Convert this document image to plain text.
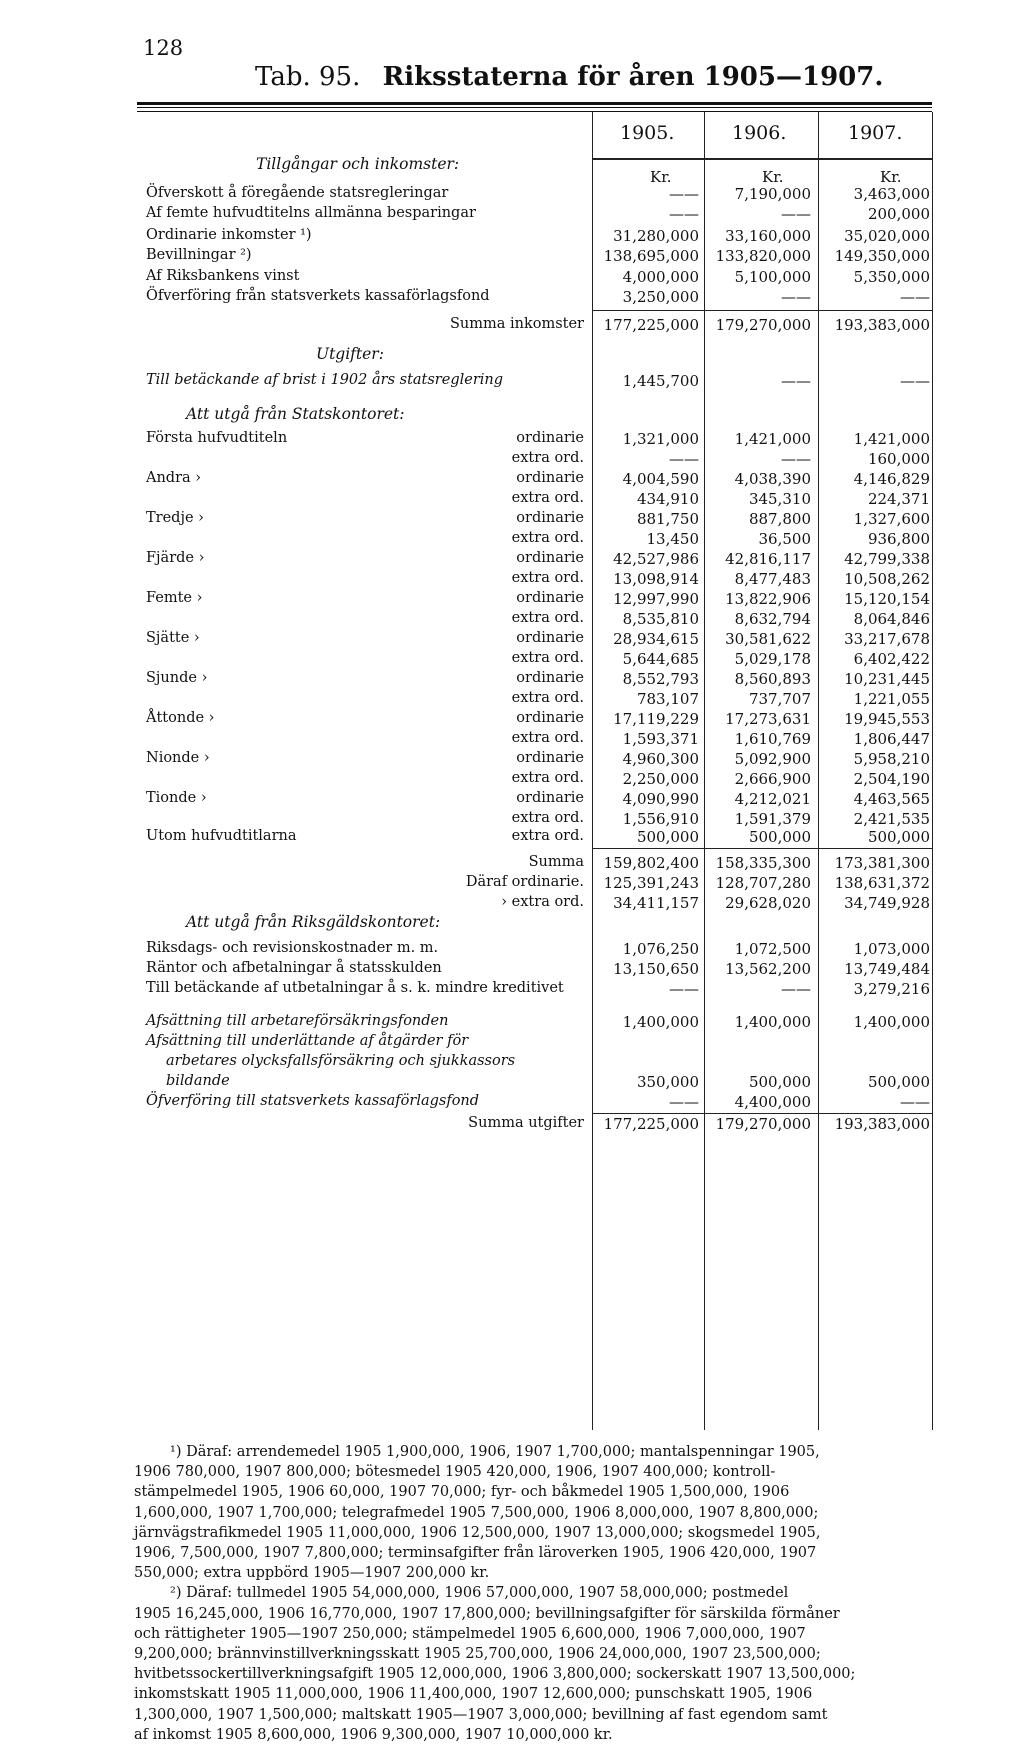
128
Tab. 95. Riksstaterna för åren 1905—1907.
1905.	1906.	1907.
Kr.	Kr.	Kr.
Tillgångar och inkomster:
Öfverskott å föregående statsregleringar	—— 7,190,000	3,463,000
Af femte hufvudtitelns allmänna besparingar	——	——	200,000
Ordinarie inkomster ¹)	31,280,000 33,160,000 35,020,000
Bevillningar ²)	138,695,000 133,820,000 149,350,000
Af Riksbankens vinst	4,000,000 5,100,000	5,350,000
Öfverföring från statsverkets kassaförlagsfond	3,250,000	——	——
Summa inkomster 177,225,000 179,270,000 193,383,000
Utgifter:
Till betäckande af brist i 1902 års statsreglering	1,445,700	——	——
Att utgå från Statskontoret:
Första hufvudtiteln	ordinarie	1,321,000 1,421,000	1,421,000
extra ord.	——	——	160,000
Andra ›	ordinarie	4,004,590 4,038,390	4,146,829
extra ord.	434,910	345,310	224,371
Tredje ›	ordinarie	881,750	887,800	1,327,600
extra ord.	13,450	36,500	936,800
Fjärde ›	ordinarie 42,527,986 42,816,117 42,799,338
extra ord. 13,098,914 8,477,483 10,508,262
Femte ›	ordinarie 12,997,990 13,822,906 15,120,154
extra ord.	8,535,810 8,632,794	8,064,846
Sjätte ›	ordinarie 28,934,615 30,581,622 33,217,678
extra ord.	5,644,685 5,029,178	6,402,422
Sjunde ›	ordinarie	8,552,793 8,560,893 10,231,445
extra ord.	783,107	737,707	1,221,055
Åttonde ›	ordinarie 17,119,229 17,273,631 19,945,553
extra ord.	1,593,371 1,610,769	1,806,447
Nionde ›	ordinarie	4,960,300 5,092,900	5,958,210
extra ord.	2,250,000 2,666,900	2,504,190
Tionde ›	ordinarie	4,090,990 4,212,021	4,463,565
extra ord.	1,556,910 1,591,379	2,421,535
Utom hufvudtitlarna	extra ord.	500,000	500,000	500,000
Summa 159,802,400 158,335,300 173,381,300
Däraf ordinarie. 125,391,243 128,707,280 138,631,372
› extra ord. 34,411,157 29,628,020 34,749,928
Att utgå från Riksgäldskontoret:
Riksdags- och revisionskostnader m. m.	1,076,250 1,072,500	1,073,000
Räntor och afbetalningar å statsskulden	13,150,650 13,562,200 13,749,484
Till betäckande af utbetalningar å s. k. mindre kreditivet	——	——	3,279,216
Afsättning till arbetareförsäkringsfonden	1,400,000 1,400,000	1,400,000
Afsättning till underlättande af åtgärder för
arbetares olycksfallsförsäkring och sjukkassors
bildande	350,000	500,000	500,000
Öfverföring till statsverkets kassaförlagsfond	—— 4,400,000	——
Summa utgifter 177,225,000 179,270,000 193,383,000
¹) Däraf: arrendemedel 1905 1,900,000, 1906, 1907 1,700,000; mantalspenningar 1905,
1906 780,000, 1907 800,000; bötesmedel 1905 420,000, 1906, 1907 400,000; kontroll-
stämpelmedel 1905, 1906 60,000, 1907 70,000; fyr- och båkmedel 1905 1,500,000, 1906
1,600,000, 1907 1,700,000; telegrafmedel 1905 7,500,000, 1906 8,000,000, 1907 8,800,000;
järnvägstrafikmedel 1905 11,000,000, 1906 12,500,000, 1907 13,000,000; skogsmedel 1905,
1906, 7,500,000, 1907 7,800,000; terminsafgifter från läroverken 1905, 1906 420,000, 1907
550,000; extra uppbörd 1905—1907 200,000 kr.
²) Däraf: tullmedel 1905 54,000,000, 1906 57,000,000, 1907 58,000,000; postmedel
1905 16,245,000, 1906 16,770,000, 1907 17,800,000; bevillningsafgifter för särskilda förmåner
och rättigheter 1905—1907 250,000; stämpelmedel 1905 6,600,000, 1906 7,000,000, 1907
9,200,000; brännvinstillverkningsskatt 1905 25,700,000, 1906 24,000,000, 1907 23,500,000;
hvitbetssockertillverkningsafgift 1905 12,000,000, 1906 3,800,000; sockerskatt 1907 13,500,000;
inkomstskatt 1905 11,000,000, 1906 11,400,000, 1907 12,600,000; punschskatt 1905, 1906
1,300,000, 1907 1,500,000; maltskatt 1905—1907 3,000,000; bevillning af fast egendom samt
af inkomst 1905 8,600,000, 1906 9,300,000, 1907 10,000,000 kr.
